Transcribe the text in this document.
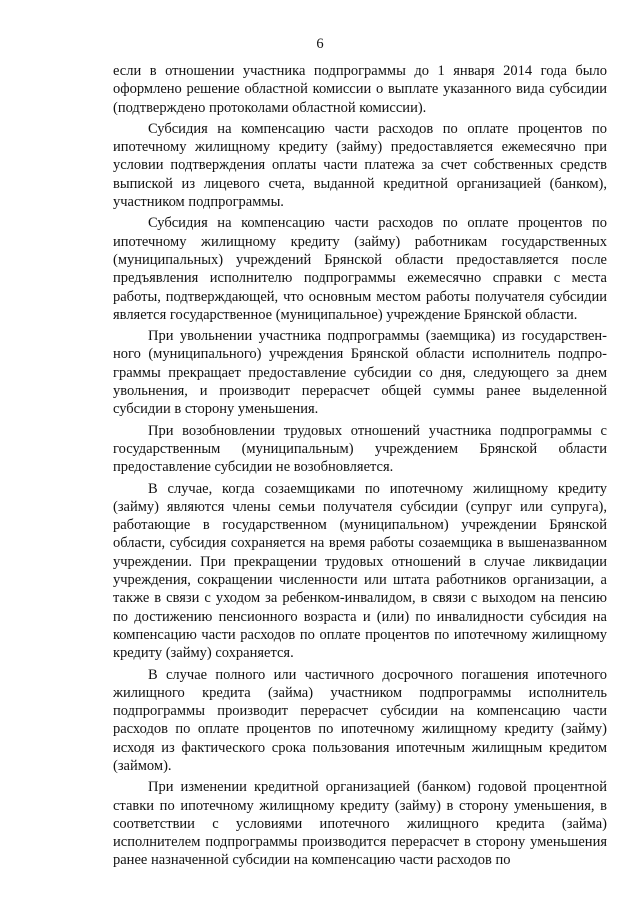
6

если в отношении участника подпрограммы до 1 января 2014 года было оформлено решение областной комиссии о выплате указанного вида субсидии (подтверждено протоколами областной комиссии).

Субсидия на компенсацию части расходов по оплате процентов по ипотечному жилищному кредиту (займу) предоставляется ежемесячно при условии подтверждения оплаты части платежа за счет собственных средств выпиской из лицевого счета, выданной кредитной организацией (банком), участником подпрограммы.

Субсидия на компенсацию части расходов по оплате процентов по ипотечному жилищному кредиту (займу) работникам государственных (муниципальных) учреждений Брянской области предоставляется после предъявления исполнителю подпрограммы ежемесячно справки с места работы, подтверждающей, что основным местом работы получателя субсидии является государственное (муниципальное) учреждение Брянской области.

При увольнении участника подпрограммы (заемщика) из государственного (муниципального) учреждения Брянской области исполнитель подпрограммы прекращает предоставление субсидии со дня, следующего за днем увольнения, и производит перерасчет общей суммы ранее выделенной субсидии в сторону уменьшения.

При возобновлении трудовых отношений участника подпрограммы с государственным (муниципальным) учреждением Брянской области предоставление субсидии не возобновляется.

В случае, когда созаемщиками по ипотечному жилищному кредиту (займу) являются члены семьи получателя субсидии (супруг или супруга), работающие в государственном (муниципальном) учреждении Брянской области, субсидия сохраняется на время работы созаемщика в вышеназванном учреждении. При прекращении трудовых отношений в случае ликвидации учреждения, сокращении численности или штата работников организации, а также в связи с уходом за ребенком-инвалидом, в связи с выходом на пенсию по достижению пенсионного возраста и (или) по инвалидности субсидия на компенсацию части расходов по оплате процентов по ипотечному жилищному кредиту (займу) сохраняется.

В случае полного или частичного досрочного погашения ипотечного жилищного кредита (займа) участником подпрограммы исполнитель подпрограммы производит перерасчет субсидии на компенсацию части расходов по оплате процентов по ипотечному жилищному кредиту (займу) исходя из фактического срока пользования ипотечным жилищным кредитом (займом).

При изменении кредитной организацией (банком) годовой процентной ставки по ипотечному жилищному кредиту (займу) в сторону уменьшения, в соответствии с условиями ипотечного жилищного кредита (займа) исполнителем подпрограммы производится перерасчет в сторону уменьшения ранее назначенной субсидии на компенсацию части расходов по
